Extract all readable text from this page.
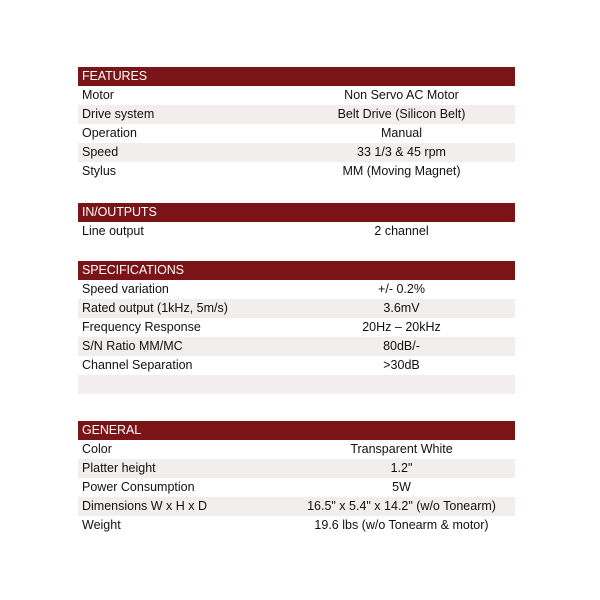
FEATURES
Motor	Non Servo AC Motor
Drive system	Belt Drive (Silicon Belt)
Operation	Manual
Speed	33 1/3 & 45 rpm
Stylus	MM (Moving Magnet)
IN/OUTPUTS
Line output	2 channel
SPECIFICATIONS
Speed variation	+/- 0.2%
Rated output (1kHz, 5m/s)	3.6mV
Frequency Response	20Hz – 20kHz
S/N Ratio MM/MC	80dB/-
Channel Separation	>30dB
GENERAL
Color	Transparent White
Platter height	1.2"
Power Consumption	5W
Dimensions W x H x D	16.5" x 5.4" x 14.2" (w/o Tonearm)
Weight	19.6 lbs (w/o Tonearm & motor)
